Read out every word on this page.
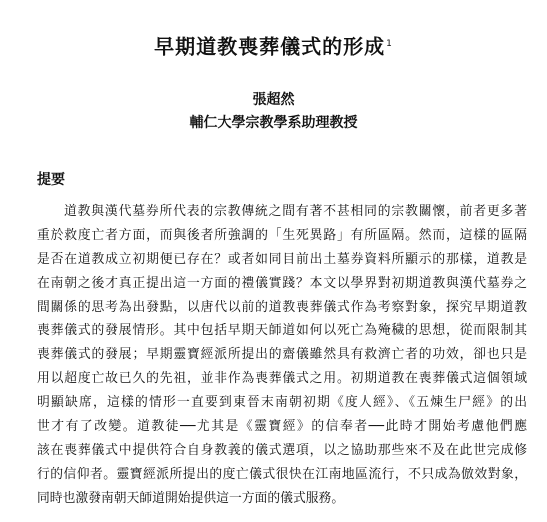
早期道教喪葬儀式的形成$^1$
張超然
輔仁大學宗教學系助理教授
提要
道教與漢代墓券所代表的宗教傳統之間有著不甚相同的宗教關懷，前者更多著
重於救度亡者方面，而與後者所強調的「生死異路」有所區隔。然而，這樣的區隔
是否在道教成立初期便已存在？或者如同目前出土墓券資料所顯示的那樣，道教是
在南朝之後才真正提出這一方面的禮儀實踐？本文以學界對初期道教與漢代墓券之
間關係的思考為出發點，以唐代以前的道教喪葬儀式作為考察對象，探究早期道教
喪葬儀式的發展情形。其中包括早期天師道如何以死亡為殗穢的思想，從而限制其
喪葬儀式的發展；早期靈寶經派所提出的齋儀雖然具有救濟亡者的功效，卻也只是
用以超度亡故已久的先祖，並非作為喪葬儀式之用。初期道教在喪葬儀式這個領域
明顯缺席，這樣的情形一直要到東晉末南朝初期《度人經》、《五煉生尸經》的出
世才有了改變。道教徒──尤其是《靈寶經》的信奉者──此時才開始考慮他們應
該在喪葬儀式中提供符合自身教義的儀式選項，以之協助那些來不及在此世完成修
行的信仰者。靈寶經派所提出的度亡儀式很快在江南地區流行，不只成為倣效對象，
同時也激發南朝天師道開始提供這一方面的儀式服務。
